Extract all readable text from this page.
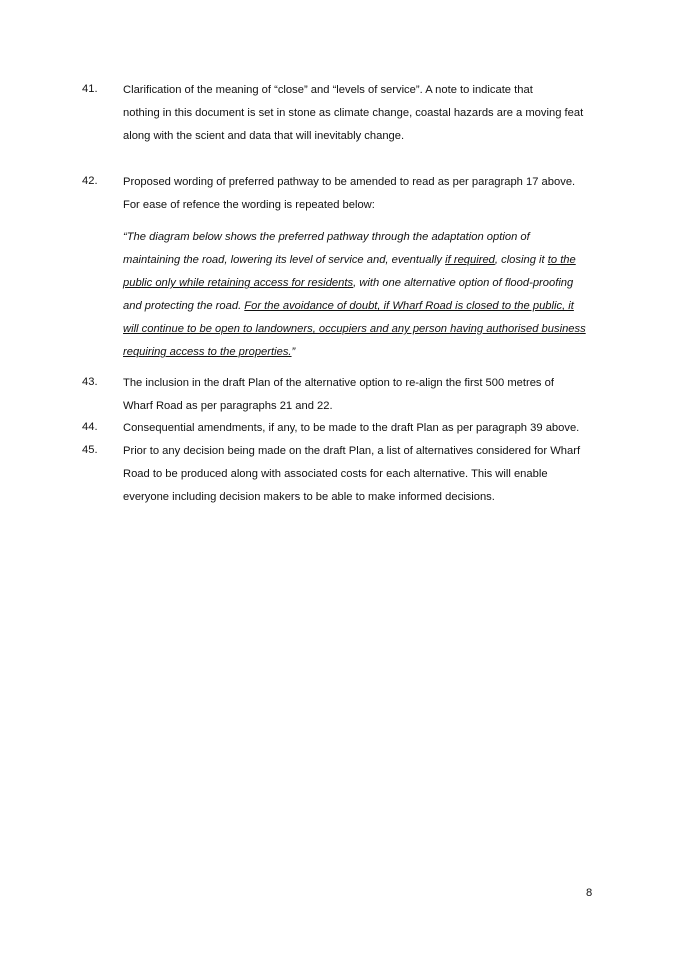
41.	Clarification of the meaning of “close” and “levels of service”. A note to indicate that
nothing in this document is set in stone as climate change, coastal hazards are a moving feat
along with the scient and data that will inevitably change.
42.	Proposed wording of preferred pathway to be amended to read as per paragraph 17 above.
For ease of refence the wording is repeated below:
“The diagram below shows the preferred pathway through the adaptation option of
maintaining the road, lowering its level of service and, eventually if required, closing it to the
public only while retaining access for residents, with one alternative option of flood-proofing
and protecting the road. For the avoidance of doubt, if Wharf Road is closed to the public, it
will continue to be open to landowners, occupiers and any person having authorised business
requiring access to the properties.”
43.	The inclusion in the draft Plan of the alternative option to re-align the first 500 metres of
Wharf Road as per paragraphs 21 and 22.
44.	Consequential amendments, if any, to be made to the draft Plan as per paragraph 39 above.
45.	Prior to any decision being made on the draft Plan, a list of alternatives considered for Wharf
Road to be produced along with associated costs for each alternative. This will enable
everyone including decision makers to be able to make informed decisions.
8
